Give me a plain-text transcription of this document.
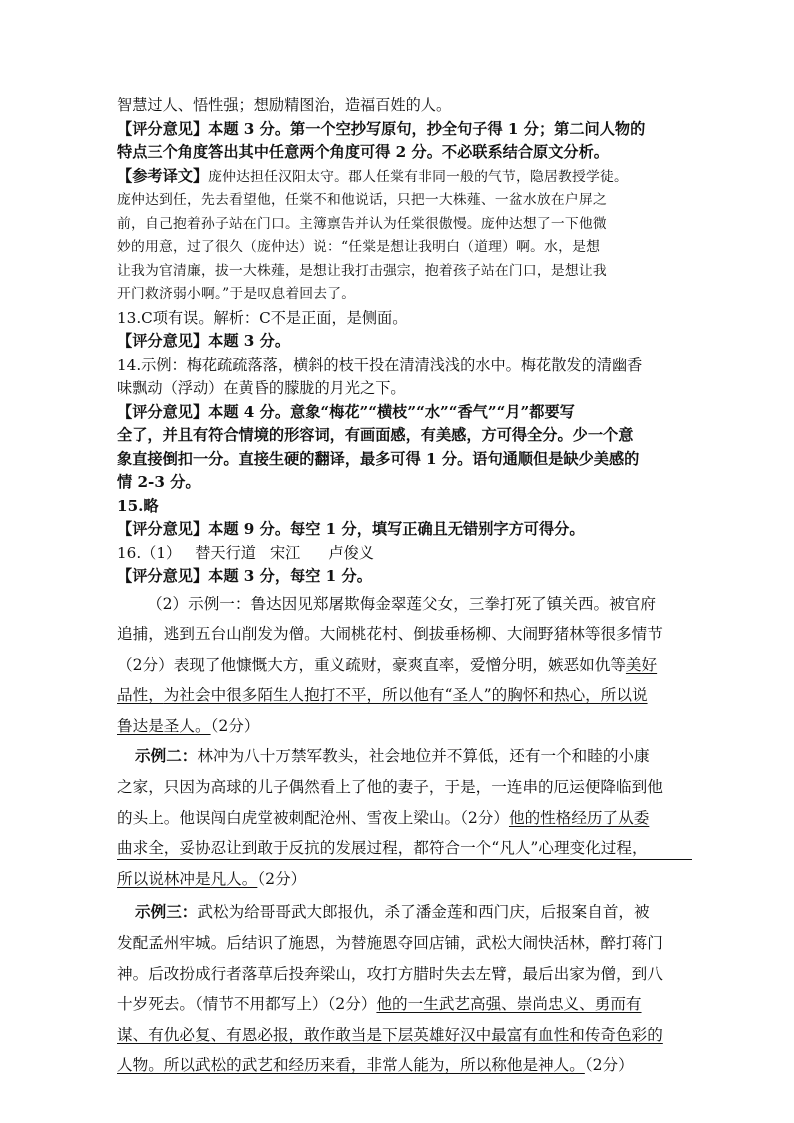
智慧过人、悟性强；想励精图治，造福百姓的人。

【评分意见】本题 3 分。第一个空抄写原句，抄全句子得 1 分；第二问人物的

特点三个角度答出其中任意两个角度可得 2 分。不必联系结合原文分析。

【参考译文】庞仲达担任汉阳太守。郡人任棠有非同一般的气节，隐居教授学徒。

庞仲达到任，先去看望他，任棠不和他说话，只把一大株薤、一盆水放在户屏之

前，自己抱着孙子站在门口。主簿禀告并认为任棠很傲慢。庞仲达想了一下他微

妙的用意，过了很久（庞仲达）说：“任棠是想让我明白（道理）啊。水，是想

让我为官清廉，拔一大株薤，是想让我打击强宗，抱着孩子站在门口，是想让我

开门救济弱小啊。”于是叹息着回去了。

13.C项有误。解析：C不是正面，是侧面。

【评分意见】本题 3 分。

14.示例：梅花疏疏落落，横斜的枝干投在清清浅浅的水中。梅花散发的清幽香

味飘动（浮动）在黄昏的朦胧的月光之下。

【评分意见】本题 4 分。意象“梅花”“横枝”“水”“香气”“月”都要写

全了，并且有符合情境的形容词，有画面感，有美感，方可得全分。少一个意

象直接倒扣一分。直接生硬的翻译，最多可得 1 分。语句通顺但是缺少美感的

情 2-3 分。

15.略

【评分意见】本题 9 分。每空 1 分，填写正确且无错别字方可得分。

16.（1） 替天行道 宋江 卢俊义

【评分意见】本题 3 分，每空 1 分。

（2）示例一：鲁达因见郑屠欺侮金翠莲父女，三拳打死了镇关西。被官府

追捕，逃到五台山削发为僧。大闹桃花村、倒拔垂杨柳、大闹野猪林等很多情节

（2分）表现了他慷慨大方，重义疏财，豪爽直率，爱憎分明，嫉恶如仇等美好

品性，为社会中很多陌生人抱打不平，所以他有“圣人”的胸怀和热心，所以说

鲁达是圣人。（2分）

示例二：林冲为八十万禁军教头，社会地位并不算低，还有一个和睦的小康

之家，只因为高球的儿子偶然看上了他的妻子，于是，一连串的厄运便降临到他

的头上。他误闯白虎堂被刺配沧州、雪夜上梁山。（2分）他的性格经历了从委

曲求全，妥协忍让到敢于反抗的发展过程，都符合一个“凡人”心理变化过程，

所以说林冲是凡人。（2分）

示例三：武松为给哥哥武大郎报仇，杀了潘金莲和西门庆，后报案自首，被

发配孟州牢城。后结识了施恩，为替施恩夺回店铺，武松大闹快活林，醉打蒋门

神。后改扮成行者落草后投奔梁山，攻打方腊时失去左臂，最后出家为僧，到八

十岁死去。（情节不用都写上）（2分）他的一生武艺高强、崇尚忠义、勇而有

谋、有仇必复、有恩必报，敢作敢当是下层英雄好汉中最富有血性和传奇色彩的

人物。所以武松的武艺和经历来看，非常人能为，所以称他是神人。（2分）
